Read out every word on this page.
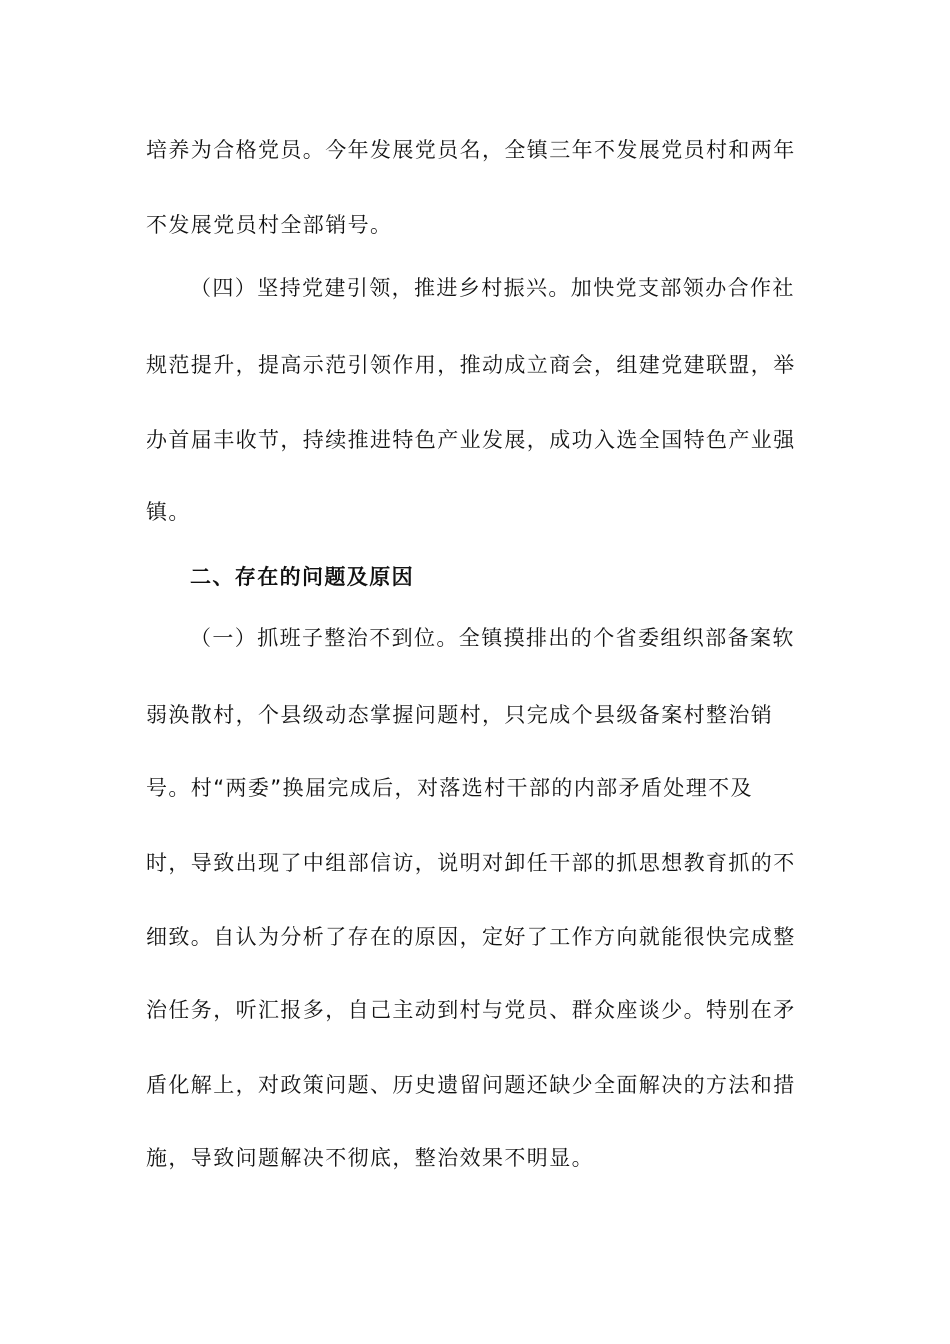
培养为合格党员。今年发展党员名，全镇三年不发展党员村和两年
不发展党员村全部销号。
（四）坚持党建引领，推进乡村振兴。加快党支部领办合作社
规范提升，提高示范引领作用，推动成立商会，组建党建联盟，举
办首届丰收节，持续推进特色产业发展，成功入选全国特色产业强
镇。
二、存在的问题及原因
（一）抓班子整治不到位。全镇摸排出的个省委组织部备案软
弱涣散村，个县级动态掌握问题村，只完成个县级备案村整治销
号。村“两委”换届完成后，对落选村干部的内部矛盾处理不及
时，导致出现了中组部信访，说明对卸任干部的抓思想教育抓的不
细致。自认为分析了存在的原因，定好了工作方向就能很快完成整
治任务，听汇报多，自己主动到村与党员、群众座谈少。特别在矛
盾化解上，对政策问题、历史遗留问题还缺少全面解决的方法和措
施，导致问题解决不彻底，整治效果不明显。
